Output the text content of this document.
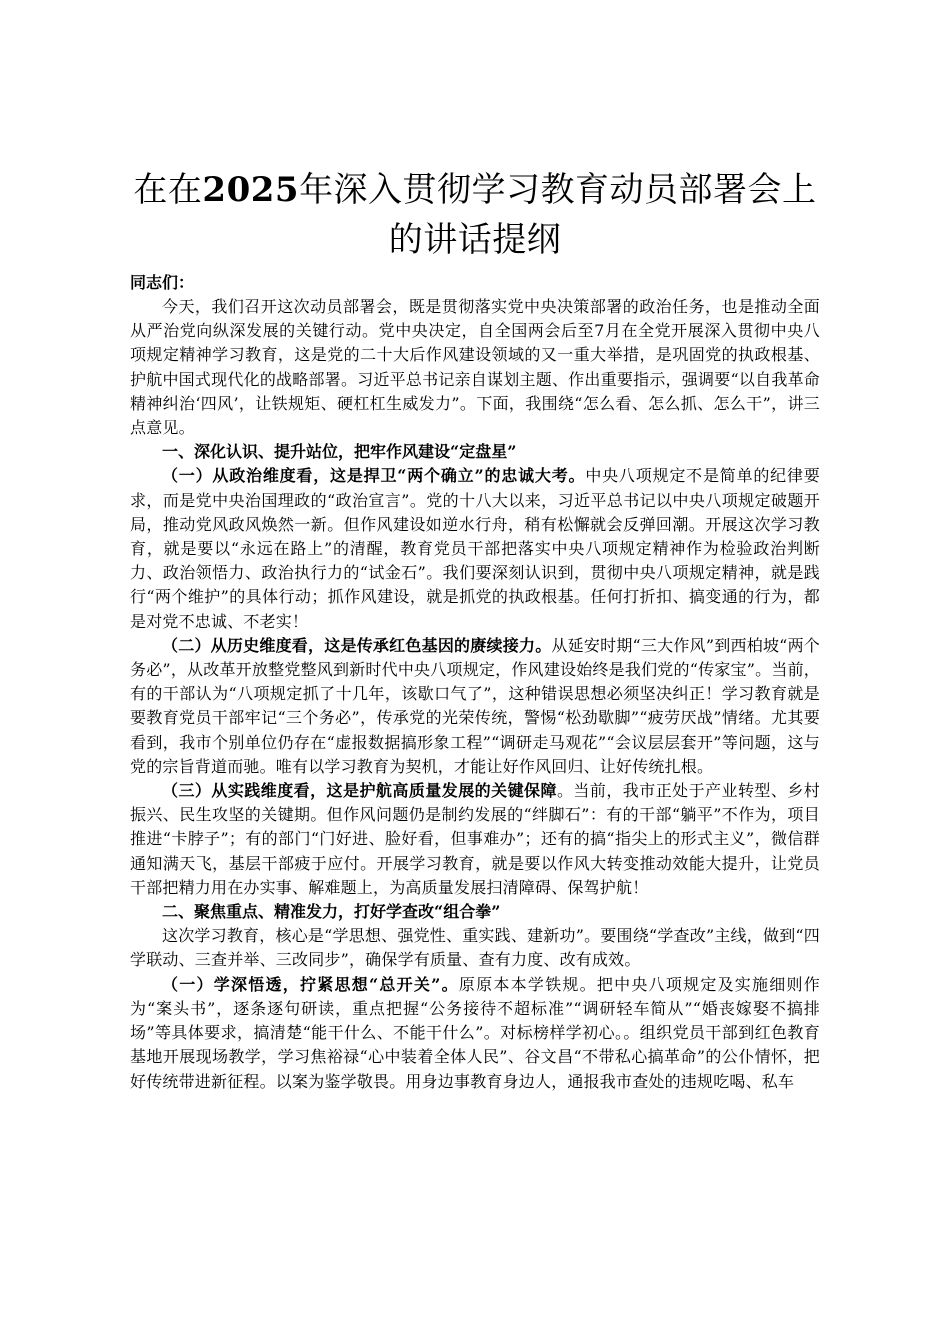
在在2025年深入贯彻学习教育动员部署会上的讲话提纲
同志们：

今天，我们召开这次动员部署会，既是贯彻落实党中央决策部署的政治任务，也是推动全面从严治党向纵深发展的关键行动。党中央决定，自全国两会后至7月在全党开展深入贯彻中央八项规定精神学习教育，这是党的二十大后作风建设领域的又一重大举措，是巩固党的执政根基、护航中国式现代化的战略部署。习近平总书记亲自谋划主题、作出重要指示，强调要“以自我革命精神纠治‘四风’，让铁规矩、硬杠杠生威发力”。下面，我围绕“怎么看、怎么抓、怎么干”，讲三点意见。

一、深化认识、提升站位，把牢作风建设“定盘星”

（一）从政治维度看，这是捍卫“两个确立”的忠诚大考。中央八项规定不是简单的纪律要求，而是党中央治国理政的“政治宣言”。党的十八大以来，习近平总书记以中央八项规定破题开局，推动党风政风焕然一新。但作风建设如逆水行舟，稍有松懈就会反弹回潮。开展这次学习教育，就是要以“永远在路上”的清醒，教育党员干部把落实中央八项规定精神作为检验政治判断力、政治领悟力、政治执行力的“试金石”。我们要深刻认识到，贯彻中央八项规定精神，就是践行“两个维护”的具体行动；抓作风建设，就是抓党的执政根基。任何打折扣、搞变通的行为，都是对党不忠诚、不老实！

（二）从历史维度看，这是传承红色基因的赓续接力。从延安时期“三大作风”到西柏坡“两个务必”，从改革开放整党整风到新时代中央八项规定，作风建设始终是我们党的“传家宝”。当前，有的干部认为“八项规定抓了十几年，该歇口气了”，这种错误思想必须坚决纠正！学习教育就是要教育党员干部牢记“三个务必”，传承党的光荣传统，警惕“松劲歇脚”“疲劳厌战”情绪。尤其要看到，我市个别单位仍存在“虚报数据搞形象工程”“调研走马观花”“会议层层套开”等问题，这与党的宗旨背道而驰。唯有以学习教育为契机，才能让好作风回归、让好传统扎根。

（三）从实践维度看，这是护航高质量发展的关键保障。当前，我市正处于产业转型、乡村振兴、民生攻坚的关键期。但作风问题仍是制约发展的“绊脚石”：有的干部“躺平”不作为，项目推进“卡脖子”；有的部门“门好进、脸好看，但事难办”；还有的搞“指尖上的形式主义”，微信群通知满天飞，基层干部疲于应付。开展学习教育，就是要以作风大转变推动效能大提升，让党员干部把精力用在办实事、解难题上，为高质量发展扫清障碍、保驾护航！

二、聚焦重点、精准发力，打好学查改“组合拳”

这次学习教育，核心是“学思想、强党性、重实践、建新功”。要围绕“学查改”主线，做到“四学联动、三查并举、三改同步”，确保学有质量、查有力度、改有成效。

（一）学深悟透，拧紧思想“总开关”。原原本本学铁规。把中央八项规定及实施细则作为“案头书”，逐条逐句研读，重点把握“公务接待不超标准”“调研轻车简从”“婚丧嫁娶不搞排场”等具体要求，搞清楚“能干什么、不能干什么”。对标榜样学初心。。组织党员干部到红色教育基地开展现场教学，学习焦裕禄“心中装着全体人民”、谷文昌“不带私心搞革命”的公仆情怀，把好传统带进新征程。以案为鉴学敬畏。用身边事教育身边人，通报我市查处的违规吃喝、私车
